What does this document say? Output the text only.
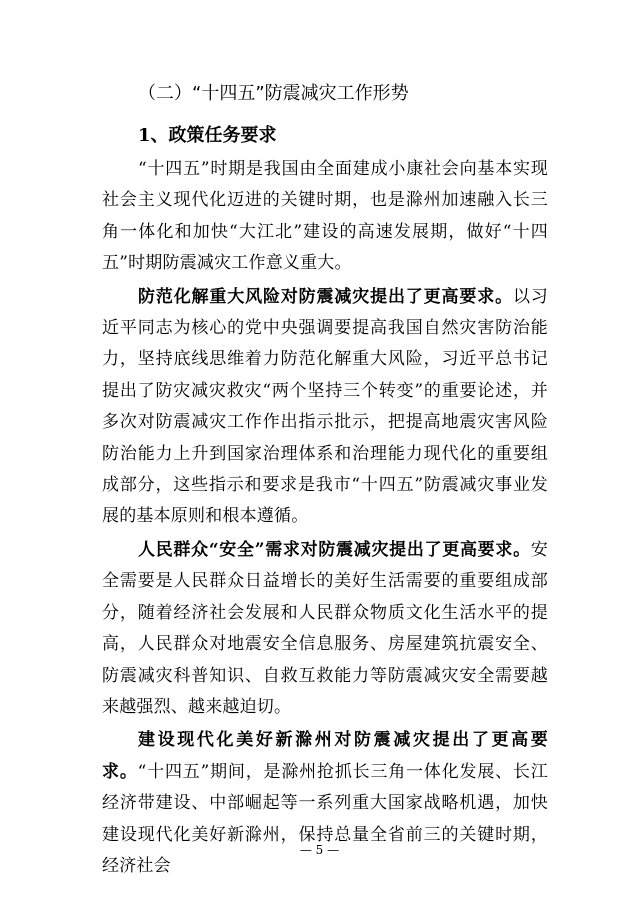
（二）“十四五”防震减灾工作形势

1、政策任务要求

“十四五”时期是我国由全面建成小康社会向基本实现社会主义现代化迈进的关键时期，也是滁州加速融入长三角一体化和加快“大江北”建设的高速发展期，做好“十四五”时期防震减灾工作意义重大。

防范化解重大风险对防震减灾提出了更高要求。以习近平同志为核心的党中央强调要提高我国自然灾害防治能力，坚持底线思维着力防范化解重大风险，习近平总书记提出了防灾减灾救灾“两个坚持三个转变”的重要论述，并多次对防震减灾工作作出指示批示，把提高地震灾害风险防治能力上升到国家治理体系和治理能力现代化的重要组成部分，这些指示和要求是我市“十四五”防震减灾事业发展的基本原则和根本遵循。

人民群众“安全”需求对防震减灾提出了更高要求。安全需要是人民群众日益增长的美好生活需要的重要组成部分，随着经济社会发展和人民群众物质文化生活水平的提高，人民群众对地震安全信息服务、房屋建筑抗震安全、防震减灾科普知识、自救互救能力等防震减灾安全需要越来越强烈、越来越迫切。

建设现代化美好新滁州对防震减灾提出了更高要求。“十四五”期间，是滁州抢抓长三角一体化发展、长江经济带建设、中部崛起等一系列重大国家战略机遇，加快建设现代化美好新滁州，保持总量全省前三的关键时期，经济社会

— 5 —
